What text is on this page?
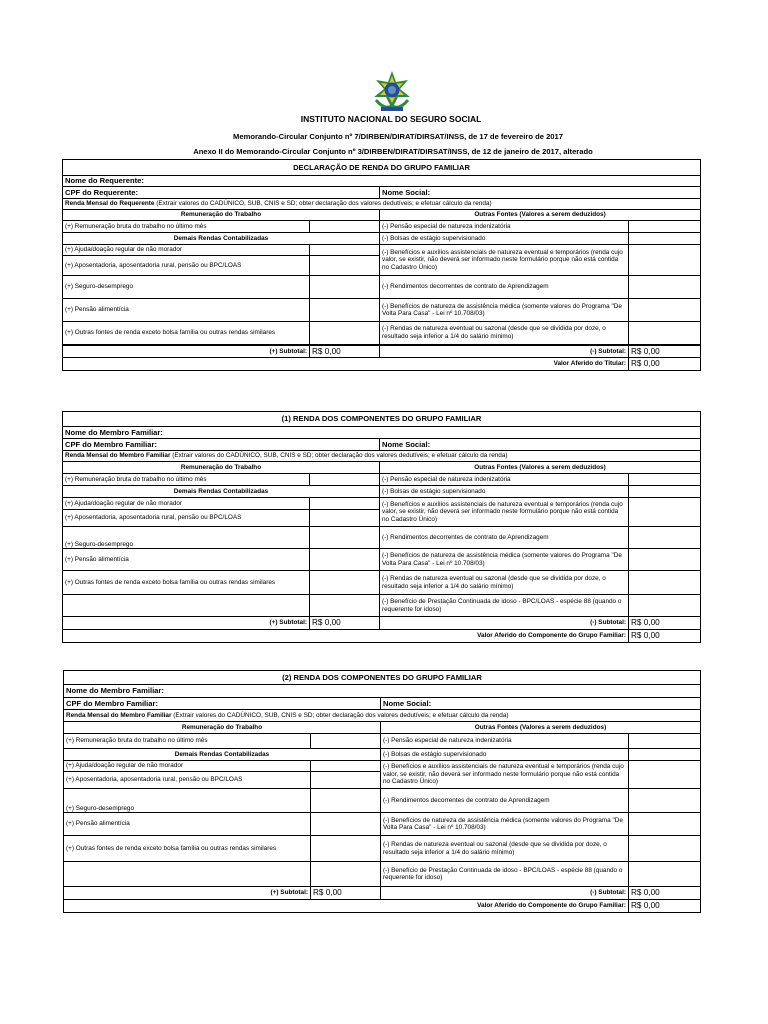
INSTITUTO NACIONAL DO SEGURO SOCIAL
Memorando-Circular Conjunto nº 7/DIRBEN/DIRAT/DIRSAT/INSS, de 17 de fevereiro de 2017
Anexo II do Memorando-Circular Conjunto nº 3/DIRBEN/DIRAT/DIRSAT/INSS, de 12 de janeiro de 2017, alterado
DECLARAÇÃO DE RENDA DO GRUPO FAMILIAR			
Nome do Requerente:			
CPF do Requerente:		Nome Social:	
Renda Mensal do Requerente (Extrair valores do CADÚNICO, SUB, CNIS e SD; obter declaração dos valores dedutíveis; e efetuar cálculo da renda)			
Remuneração do Trabalho		Outras Fontes (Valores a serem deduzidos)	
(+) Remuneração bruta do trabalho no último mês		(-) Pensão especial de natureza indenizatória	
Demais Rendas Contabilizadas		(-) Bolsas de estágio supervisionado	
(+) Ajuda/doação regular de não morador		(-) Benefícios e auxílios assistenciais de natureza eventual e temporários (renda cujo valor, se existir, não deverá ser informado neste formulário porque não está contida no Cadastro Único)	
(+) Aposentadoria, aposentadoria rural, pensão ou BPC/LOAS			
(+) Seguro-desemprego		(-) Rendimentos decorrentes de contrato de Aprendizagem	
(+) Pensão alimentícia		(-) Benefícios de natureza de assistência médica (somente valores do Programa "De Volta Para Casa" - Lei nº 10.708/03)	
(+) Outras fontes de renda exceto bolsa família ou outras rendas similares		(-) Rendas de natureza eventual ou sazonal (desde que se dividida por doze, o resultado seja inferior a 1/4 do salário mínimo)	
(+) Subtotal:	R$ 0,00	(-) Subtotal:	R$ 0,00
Valor Aferido do Titular:			R$ 0,00
(1) RENDA DOS COMPONENTES DO GRUPO FAMILIAR			
Nome do Membro Familiar:			
CPF do Membro Familiar:		Nome Social:	
Renda Mensal do Membro Familiar (Extrair valores do CADÚNICO, SUB, CNIS e SD; obter declaração dos valores dedutíveis; e efetuar cálculo da renda)			
Remuneração do Trabalho		Outras Fontes (Valores a serem deduzidos)	
(+) Remuneração bruta do trabalho no último mês		(-) Pensão especial de natureza indenizatória	
Demais Rendas Contabilizadas		(-) Bolsas de estágio supervisionado	
(+) Ajuda/doação regular de não morador		(-) Benefícios e auxílios assistenciais de natureza eventual e temporários (renda cujo valor, se existir, não deverá ser informado neste formulário porque não está contida no Cadastro Único)	
(+) Aposentadoria, aposentadoria rural, pensão ou BPC/LOAS			
(+) Seguro-desemprego		(-) Rendimentos decorrentes de contrato de Aprendizagem	
(+) Pensão alimentícia		(-) Benefícios de natureza de assistência médica (somente valores do Programa "De Volta Para Casa" - Lei nº 10.708/03)	
(+) Outras fontes de renda exceto bolsa família ou outras rendas similares		(-) Rendas de natureza eventual ou sazonal (desde que se dividida por doze, o resultado seja inferior a 1/4 do salário mínimo)	
		(-) Benefício de Prestação Continuada de idoso - BPC/LOAS - espécie 88 (quando o requerente for idoso)	
(+) Subtotal:	R$ 0,00	(-) Subtotal:	R$ 0,00
Valor Aferido do Componente do Grupo Familiar:			R$ 0,00
(2) RENDA DOS COMPONENTES DO GRUPO FAMILIAR			
Nome do Membro Familiar:			
CPF do Membro Familiar:		Nome Social:	
Renda Mensal do Membro Familiar (Extrair valores do CADÚNICO, SUB, CNIS e SD; obter declaração dos valores dedutíveis; e efetuar cálculo da renda)			
Remuneração do Trabalho		Outras Fontes (Valores a serem deduzidos)	
(+) Remuneração bruta do trabalho no último mês		(-) Pensão especial de natureza indenizatória	
Demais Rendas Contabilizadas		(-) Bolsas de estágio supervisionado	
(+) Ajuda/doação regular de não morador		(-) Benefícios e auxílios assistenciais de natureza eventual e temporários (renda cujo valor, se existir, não deverá ser informado neste formulário porque não está contida no Cadastro Único)	
(+) Aposentadoria, aposentadoria rural, pensão ou BPC/LOAS			
(+) Seguro-desemprego		(-) Rendimentos decorrentes de contrato de Aprendizagem	
(+) Pensão alimentícia		(-) Benefícios de natureza de assistência médica (somente valores do Programa "De Volta Para Casa" - Lei nº 10.708/03)	
(+) Outras fontes de renda exceto bolsa família ou outras rendas similares		(-) Rendas de natureza eventual ou sazonal (desde que se dividida por doze, o resultado seja inferior a 1/4 do salário mínimo)	
		(-) Benefício de Prestação Continuada de idoso - BPC/LOAS - espécie 88 (quando o requerente for idoso)	
(+) Subtotal:	R$ 0,00	(-) Subtotal:	R$ 0,00
Valor Aferido do Componente do Grupo Familiar:			R$ 0,00
